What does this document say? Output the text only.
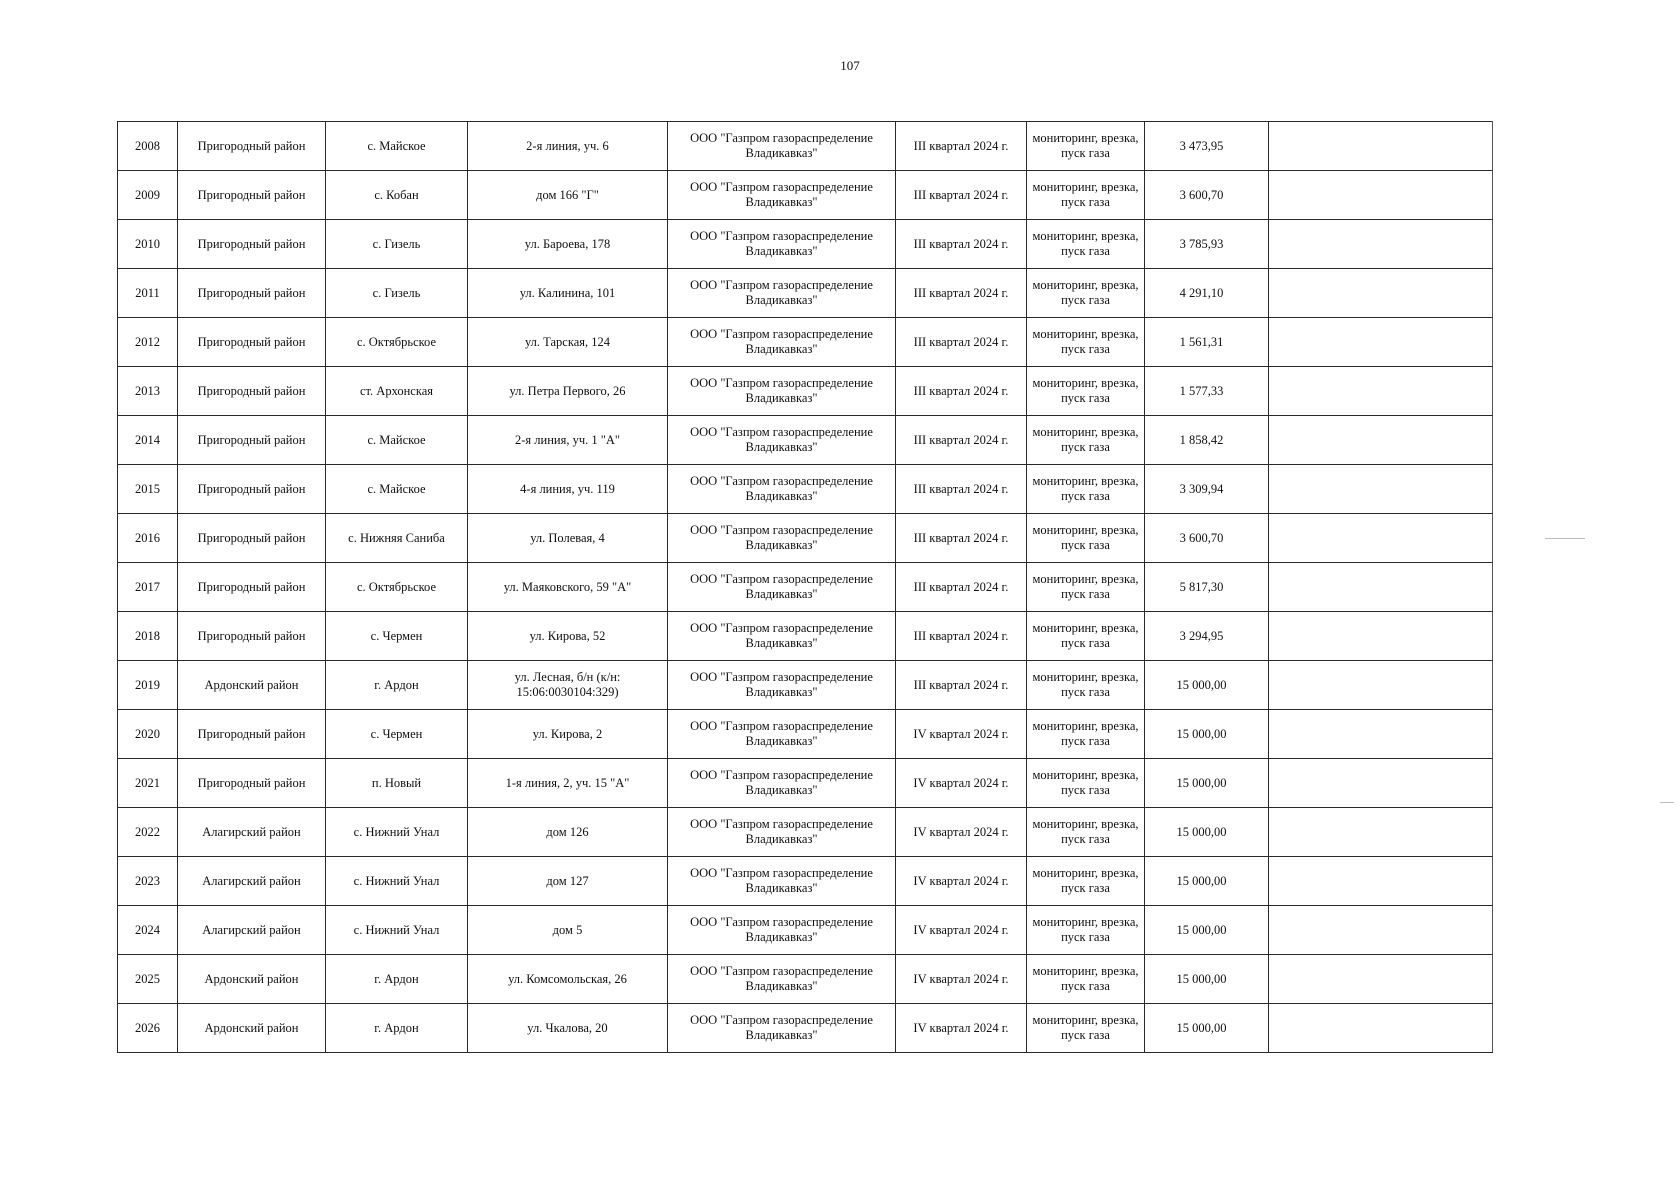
107
2008	Пригородный район	с. Майское	2-я линия, уч. 6	ООО "Газпром газораспределение Владикавказ"	III квартал 2024 г.	мониторинг, врезка, пуск газа	3 473,95	
2009	Пригородный район	с. Кобан	дом 166 "Г"	ООО "Газпром газораспределение Владикавказ"	III квартал 2024 г.	мониторинг, врезка, пуск газа	3 600,70	
2010	Пригородный район	с. Гизель	ул. Бароева, 178	ООО "Газпром газораспределение Владикавказ"	III квартал 2024 г.	мониторинг, врезка, пуск газа	3 785,93	
2011	Пригородный район	с. Гизель	ул. Калинина, 101	ООО "Газпром газораспределение Владикавказ"	III квартал 2024 г.	мониторинг, врезка, пуск газа	4 291,10	
2012	Пригородный район	с. Октябрьское	ул. Тарская, 124	ООО "Газпром газораспределение Владикавказ"	III квартал 2024 г.	мониторинг, врезка, пуск газа	1 561,31	
2013	Пригородный район	ст. Архонская	ул. Петра Первого, 26	ООО "Газпром газораспределение Владикавказ"	III квартал 2024 г.	мониторинг, врезка, пуск газа	1 577,33	
2014	Пригородный район	с. Майское	2-я линия, уч. 1 "А"	ООО "Газпром газораспределение Владикавказ"	III квартал 2024 г.	мониторинг, врезка, пуск газа	1 858,42	
2015	Пригородный район	с. Майское	4-я линия, уч. 119	ООО "Газпром газораспределение Владикавказ"	III квартал 2024 г.	мониторинг, врезка, пуск газа	3 309,94	
2016	Пригородный район	с. Нижняя Саниба	ул. Полевая, 4	ООО "Газпром газораспределение Владикавказ"	III квартал 2024 г.	мониторинг, врезка, пуск газа	3 600,70	
2017	Пригородный район	с. Октябрьское	ул. Маяковского, 59 "А"	ООО "Газпром газораспределение Владикавказ"	III квартал 2024 г.	мониторинг, врезка, пуск газа	5 817,30	
2018	Пригородный район	с. Чермен	ул. Кирова, 52	ООО "Газпром газораспределение Владикавказ"	III квартал 2024 г.	мониторинг, врезка, пуск газа	3 294,95	
2019	Ардонский район	г. Ардон	ул. Лесная, б/н (к/н: 15:06:0030104:329)	ООО "Газпром газораспределение Владикавказ"	III квартал 2024 г.	мониторинг, врезка, пуск газа	15 000,00	
2020	Пригородный район	с. Чермен	ул. Кирова, 2	ООО "Газпром газораспределение Владикавказ"	IV квартал 2024 г.	мониторинг, врезка, пуск газа	15 000,00	
2021	Пригородный район	п. Новый	1-я линия, 2, уч. 15 "А"	ООО "Газпром газораспределение Владикавказ"	IV квартал 2024 г.	мониторинг, врезка, пуск газа	15 000,00	
2022	Алагирский район	с. Нижний Унал	дом 126	ООО "Газпром газораспределение Владикавказ"	IV квартал 2024 г.	мониторинг, врезка, пуск газа	15 000,00	
2023	Алагирский район	с. Нижний Унал	дом 127	ООО "Газпром газораспределение Владикавказ"	IV квартал 2024 г.	мониторинг, врезка, пуск газа	15 000,00	
2024	Алагирский район	с. Нижний Унал	дом 5	ООО "Газпром газораспределение Владикавказ"	IV квартал 2024 г.	мониторинг, врезка, пуск газа	15 000,00	
2025	Ардонский район	г. Ардон	ул. Комсомольская, 26	ООО "Газпром газораспределение Владикавказ"	IV квартал 2024 г.	мониторинг, врезка, пуск газа	15 000,00	
2026	Ардонский район	г. Ардон	ул. Чкалова, 20	ООО "Газпром газораспределение Владикавказ"	IV квартал 2024 г.	мониторинг, врезка, пуск газа	15 000,00	
